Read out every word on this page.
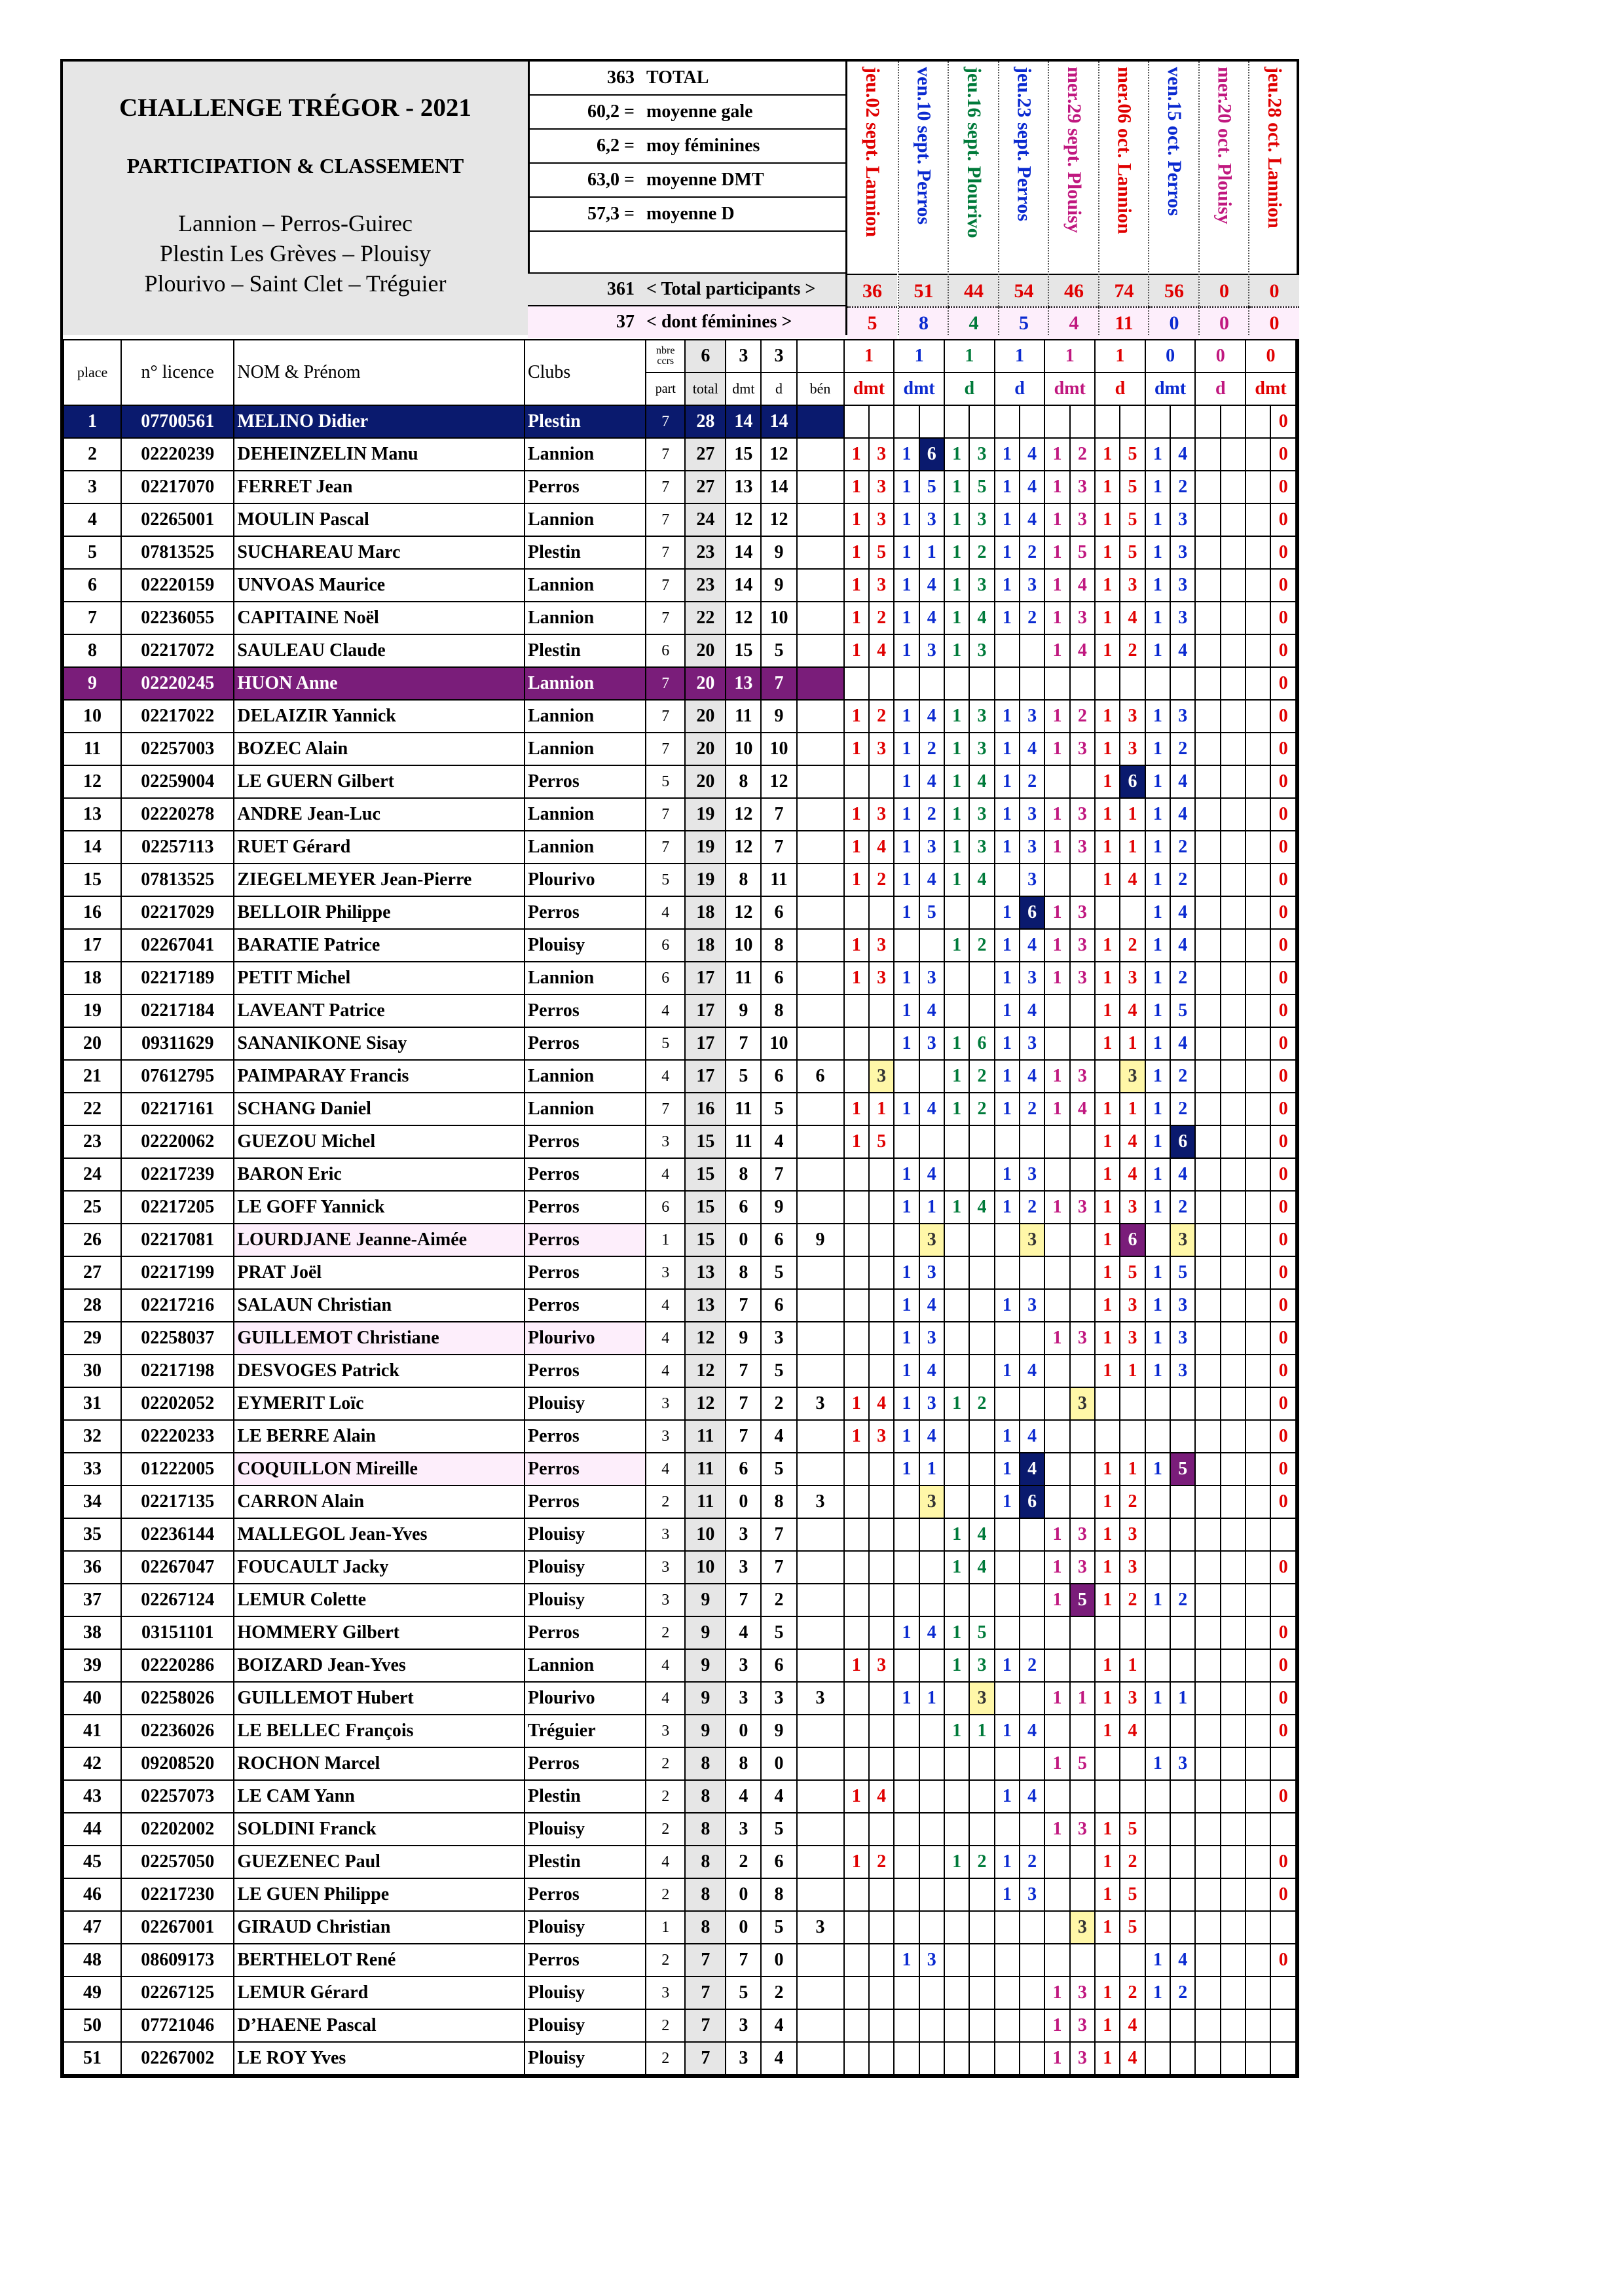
CHALLENGE TRÉGOR - 2021
PARTICIPATION & CLASSEMENT
Lannion – Perros-Guirec
Plestin Les Grèves – Plouisy
Plourivo – Saint Clet – Tréguier
363 TOTAL
60,2 = moyenne gale
6,2 = moy féminines
63,0 = moyenne DMT
57,3 = moyenne D
361 < Total participants >
37 < dont féminines >
jeu.02 sept. Lannion
36
5
ven.10 sept. Perros
51
8
jeu.16 sept. Plourivo
44
4
jeu.23 sept. Perros
54
5
mer.29 sept. Plouisy
46
4
mer.06 oct. Lannion
74
11
ven.15 oct. Perros
56
0
mer.20 oct. Plouisy
0
0
jeu.28 oct. Lannion
0
0
place	n° licence	NOM & Prénom	Clubs	nbre ccrs	6	3	3		1		1		1		1		1		1		0		0		0	
				part	total	dmt	d	bén	dmt		dmt		d		d		dmt		d		dmt		d		dmt	
1	07700561	MELINO Didier	Plestin	7	28	14	14		1	3	1	4	1	6	1	3	1	4	1	5	1	3				0
2	02220239	DEHEINZELIN Manu	Lannion	7	27	15	12		1	3	1	6	1	3	1	4	1	2	1	5	1	4				0
3	02217070	FERRET Jean	Perros	7	27	13	14		1	3	1	5	1	5	1	4	1	3	1	5	1	2				0
4	02265001	MOULIN Pascal	Lannion	7	24	12	12		1	3	1	3	1	3	1	4	1	3	1	5	1	3				0
5	07813525	SUCHAREAU Marc	Plestin	7	23	14	9		1	5	1	1	1	2	1	2	1	5	1	5	1	3				0
6	02220159	UNVOAS Maurice	Lannion	7	23	14	9		1	3	1	4	1	3	1	3	1	4	1	3	1	3				0
7	02236055	CAPITAINE Noël	Lannion	7	22	12	10		1	2	1	4	1	4	1	2	1	3	1	4	1	3				0
8	02217072	SAULEAU Claude	Plestin	6	20	15	5		1	4	1	3	1	3			1	4	1	2	1	4				0
9	02220245	HUON Anne	Lannion	7	20	13	7		1	5	1	3	1	4	1	2	1	3	1	1	1	2				0
10	02217022	DELAIZIR Yannick	Lannion	7	20	11	9		1	2	1	4	1	3	1	3	1	2	1	3	1	3				0
11	02257003	BOZEC Alain	Lannion	7	20	10	10		1	3	1	2	1	3	1	4	1	3	1	3	1	2				0
12	02259004	LE GUERN Gilbert	Perros	5	20	8	12				1	4	1	4	1	2			1	6	1	4				0
13	02220278	ANDRE Jean-Luc	Lannion	7	19	12	7		1	3	1	2	1	3	1	3	1	3	1	1	1	4				0
14	02257113	RUET Gérard	Lannion	7	19	12	7		1	4	1	3	1	3	1	3	1	3	1	1	1	2				0
15	07813525	ZIEGELMEYER Jean-Pierre	Plourivo	5	19	8	11		1	2	1	4	1	4		3			1	4	1	2				0
16	02217029	BELLOIR Philippe	Perros	4	18	12	6				1	5			1	6	1	3			1	4				0
17	02267041	BARATIE Patrice	Plouisy	6	18	10	8		1	3			1	2	1	4	1	3	1	2	1	4				0
18	02217189	PETIT Michel	Lannion	6	17	11	6		1	3	1	3			1	3	1	3	1	3	1	2				0
19	02217184	LAVEANT Patrice	Perros	4	17	9	8				1	4			1	4			1	4	1	5				0
20	09311629	SANANIKONE Sisay	Perros	5	17	7	10				1	3	1	6	1	3			1	1	1	4				0
21	07612795	PAIMPARAY Francis	Lannion	4	17	5	6	6		3			1	2	1	4	1	3		3	1	2				0
22	02217161	SCHANG Daniel	Lannion	7	16	11	5		1	1	1	4	1	2	1	2	1	4	1	1	1	2				0
23	02220062	GUEZOU Michel	Perros	3	15	11	4		1	5									1	4	1	6				0
24	02217239	BARON Eric	Perros	4	15	8	7				1	4			1	3			1	4	1	4				0
25	02217205	LE GOFF Yannick	Perros	6	15	6	9				1	1	1	4	1	2	1	3	1	3	1	2				0
26	02217081	LOURDJANE Jeanne-Aimée	Perros	1	15	0	6	9				3				3			1	6		3				0
27	02217199	PRAT Joël	Perros	3	13	8	5				1	3							1	5	1	5				0
28	02217216	SALAUN Christian	Perros	4	13	7	6				1	4			1	3			1	3	1	3				0
29	02258037	GUILLEMOT Christiane	Plourivo	4	12	9	3				1	3					1	3	1	3	1	3				0
30	02217198	DESVOGES Patrick	Perros	4	12	7	5				1	4			1	4			1	1	1	3				0
31	02202052	EYMERIT Loïc	Plouisy	3	12	7	2	3	1	4	1	3	1	2				3								0
32	02220233	LE BERRE Alain	Perros	3	11	7	4		1	3	1	4			1	4										0
33	01222005	COQUILLON Mireille	Perros	4	11	6	5				1	1			1	4			1	1	1	5				0
34	02217135	CARRON Alain	Perros	2	11	0	8	3				3			1	6			1	2						0
35	02236144	MALLEGOL Jean-Yves	Plouisy	3	10	3	7						1	4			1	3	1	3						
36	02267047	FOUCAULT Jacky	Plouisy	3	10	3	7						1	4			1	3	1	3						0
37	02267124	LEMUR Colette	Plouisy	3	9	7	2										1	5	1	2	1	2				
38	03151101	HOMMERY Gilbert	Perros	2	9	4	5				1	4	1	5												0
39	02220286	BOIZARD Jean-Yves	Lannion	4	9	3	6		1	3			1	3	1	2			1	1						0
40	02258026	GUILLEMOT Hubert	Plourivo	4	9	3	3	3			1	1		3			1	1	1	3	1	1				0
41	02236026	LE BELLEC François	Tréguier	3	9	0	9						1	1	1	4			1	4						0
42	09208520	ROCHON Marcel	Perros	2	8	8	0										1	5			1	3				
43	02257073	LE CAM Yann	Plestin	2	8	4	4		1	4					1	4										0
44	02202002	SOLDINI Franck	Plouisy	2	8	3	5										1	3	1	5						
45	02257050	GUEZENEC Paul	Plestin	4	8	2	6		1	2			1	2	1	2			1	2						0
46	02217230	LE GUEN Philippe	Perros	2	8	0	8								1	3			1	5						0
47	02267001	GIRAUD Christian	Plouisy	1	8	0	5	3										3	1	5						
48	08609173	BERTHELOT René	Perros	2	7	7	0				1	3									1	4				0
49	02267125	LEMUR Gérard	Plouisy	3	7	5	2										1	3	1	2	1	2				
50	07721046	D’HAENE Pascal	Plouisy	2	7	3	4										1	3	1	4						
51	02267002	LE ROY Yves	Plouisy	2	7	3	4										1	3	1	4						
